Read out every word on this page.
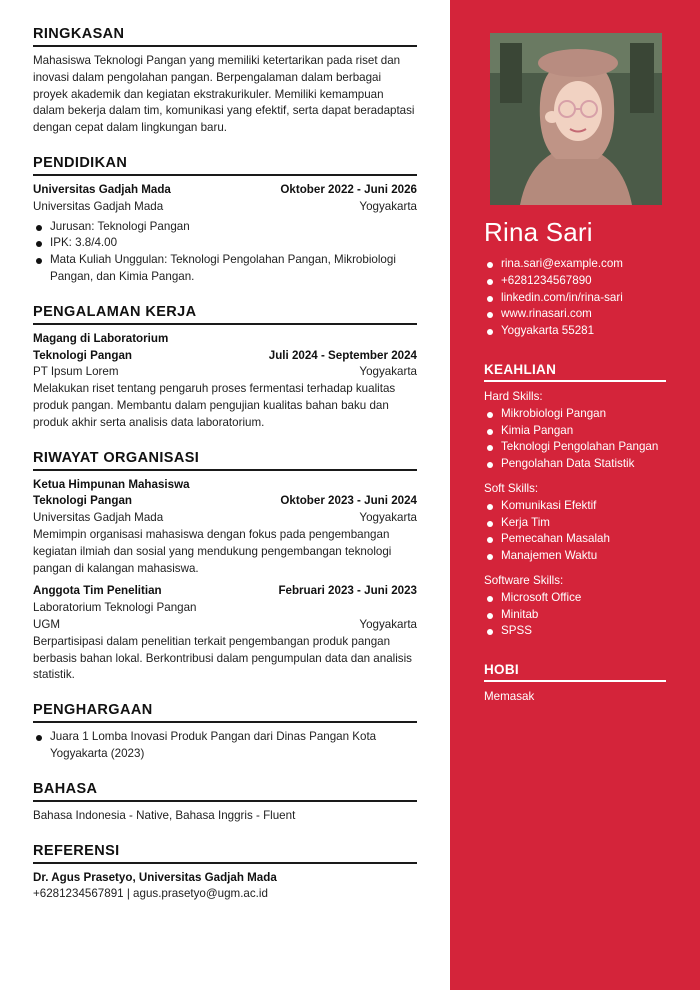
RINGKASAN
Mahasiswa Teknologi Pangan yang memiliki ketertarikan pada riset dan inovasi dalam pengolahan pangan. Berpengalaman dalam berbagai proyek akademik dan kegiatan ekstrakurikuler. Memiliki kemampuan dalam bekerja dalam tim, komunikasi yang efektif, serta dapat beradaptasi dengan cepat dalam lingkungan baru.
PENDIDIKAN
Universitas Gadjah Mada	Oktober 2022 - Juni 2026
Universitas Gadjah Mada	Yogyakarta
Jurusan: Teknologi Pangan
IPK: 3.8/4.00
Mata Kuliah Unggulan: Teknologi Pengolahan Pangan, Mikrobiologi Pangan, dan Kimia Pangan.
PENGALAMAN KERJA
Magang di Laboratorium
Teknologi Pangan	Juli 2024 - September 2024
PT Ipsum Lorem	Yogyakarta
Melakukan riset tentang pengaruh proses fermentasi terhadap kualitas produk pangan. Membantu dalam pengujian kualitas bahan baku dan produk akhir serta analisis data laboratorium.
RIWAYAT ORGANISASI
Ketua Himpunan Mahasiswa
Teknologi Pangan	Oktober 2023 - Juni 2024
Universitas Gadjah Mada	Yogyakarta
Memimpin organisasi mahasiswa dengan fokus pada pengembangan kegiatan ilmiah dan sosial yang mendukung pengembangan teknologi pangan di kalangan mahasiswa.
Anggota Tim Penelitian	Februari 2023 - Juni 2023
Laboratorium Teknologi Pangan
UGM	Yogyakarta
Berpartisipasi dalam penelitian terkait pengembangan produk pangan berbasis bahan lokal. Berkontribusi dalam pengumpulan data dan analisis statistik.
PENGHARGAAN
Juara 1 Lomba Inovasi Produk Pangan dari Dinas Pangan Kota Yogyakarta (2023)
BAHASA
Bahasa Indonesia - Native, Bahasa Inggris - Fluent
REFERENSI
Dr. Agus Prasetyo, Universitas Gadjah Mada
+6281234567891 | agus.prasetyo@ugm.ac.id
Rina Sari
rina.sari@example.com
+6281234567890
linkedin.com/in/rina-sari
www.rinasari.com
Yogyakarta 55281
KEAHLIAN
Hard Skills:
Mikrobiologi Pangan
Kimia Pangan
Teknologi Pengolahan Pangan
Pengolahan Data Statistik
Soft Skills:
Komunikasi Efektif
Kerja Tim
Pemecahan Masalah
Manajemen Waktu
Software Skills:
Microsoft Office
Minitab
SPSS
HOBI
Memasak
